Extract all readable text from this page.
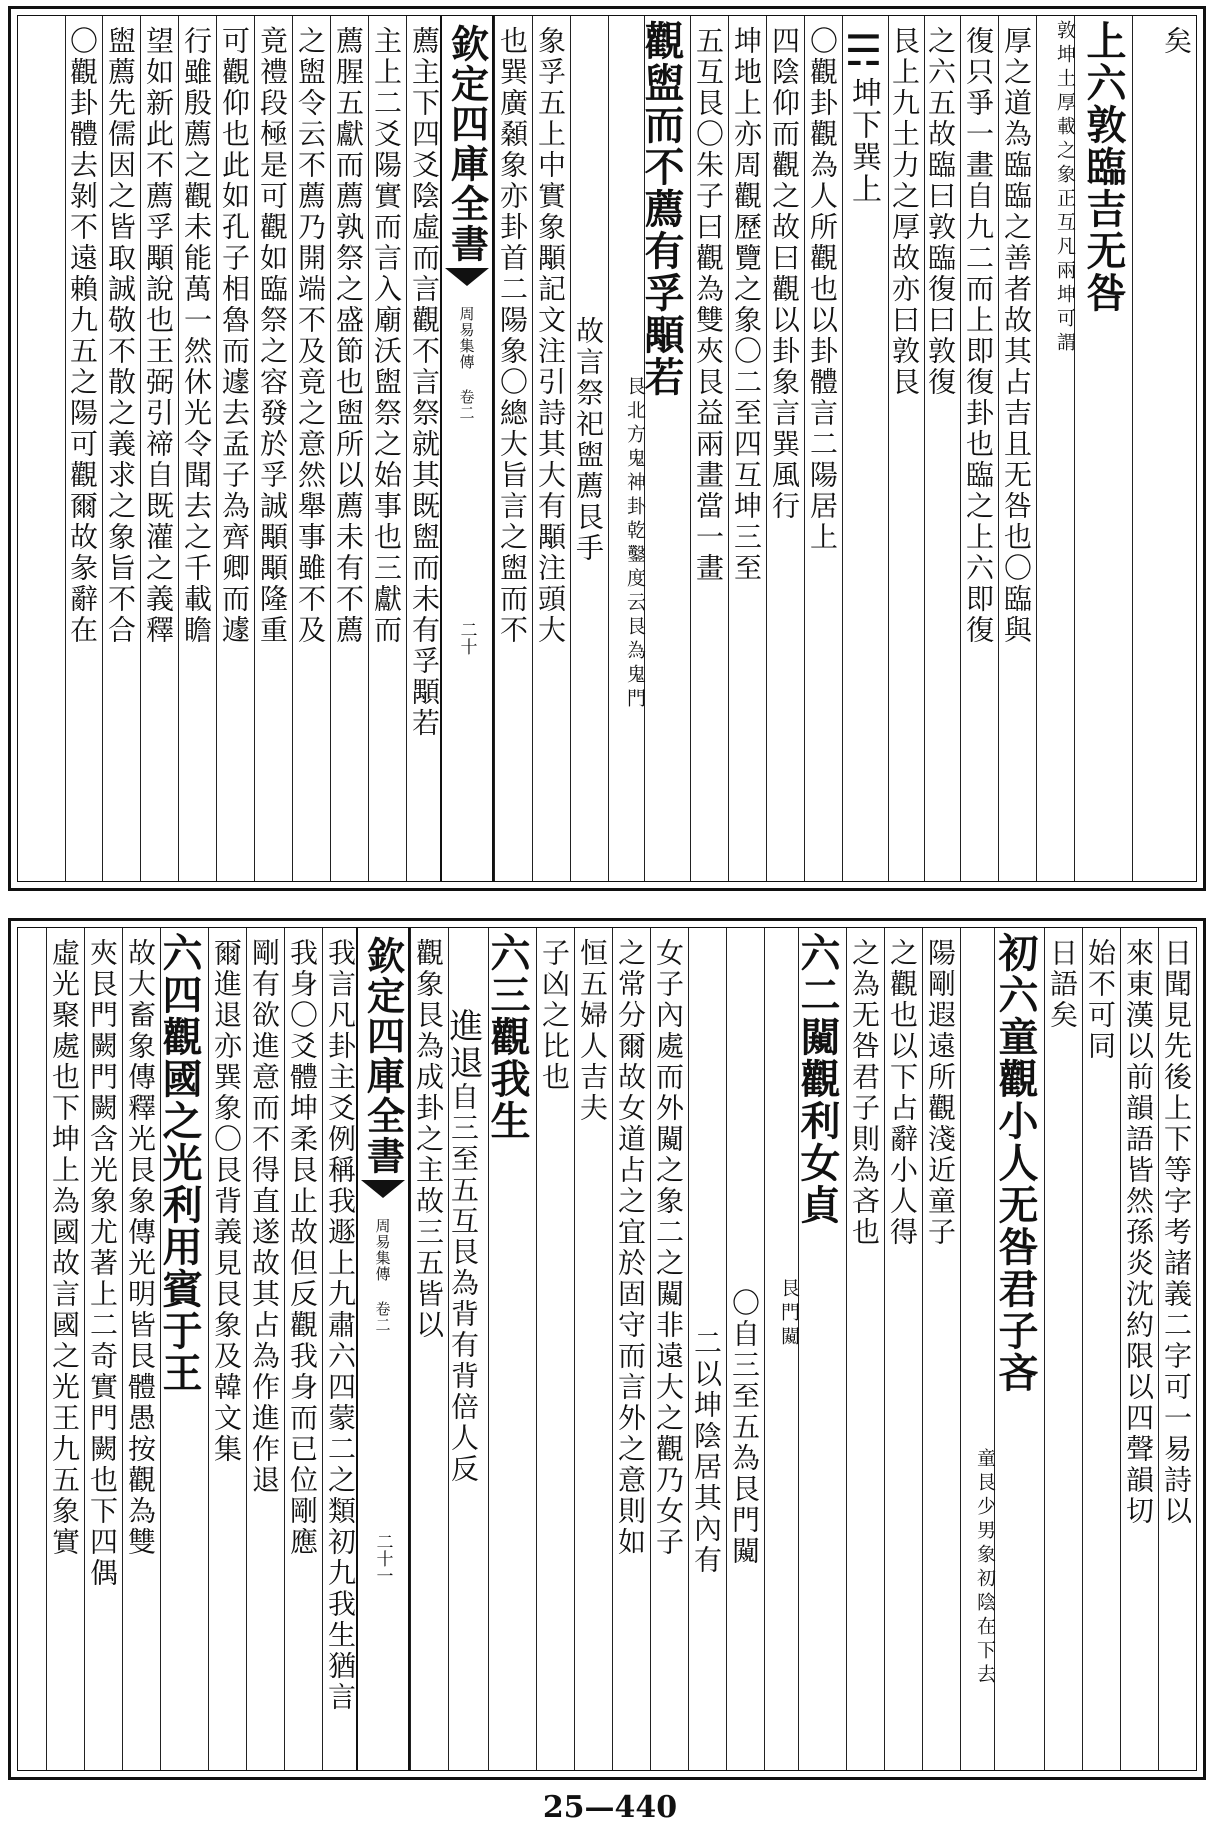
矣
上六敦臨吉无咎
敦坤土厚載之象正互凡兩坤可謂
厚之道為臨臨之善者故其占吉且无咎也〇臨與
復只爭一畫自九二而上即復卦也臨之上六即復
之六五故臨曰敦臨復曰敦復
艮上九土力之厚故亦曰敦艮
☴坤下巽上
〇觀卦觀為人所觀也以卦體言二陽居上
四陰仰而觀之故曰觀以卦象言巽風行
坤地上亦周觀歷覽之象〇二至四互坤三至
五互艮〇朱子曰觀為雙夾艮益兩畫當一畫
觀盥而不薦有孚顒若
艮北方鬼神卦乾鑿度云艮為鬼門
故言祭祀盥薦艮手
象孚五上中實象顒記文注引詩其大有顒注頭大
也巽廣顙象亦卦首二陽象〇總大旨言之盥而不
欽定四庫全書
周易集傳 卷二
二十
薦主下四爻陰虛而言觀不言祭就其既盥而未有孚顒若
主上二爻陽實而言入廟沃盥祭之始事也三獻而
薦腥五獻而薦孰祭之盛節也盥所以薦未有不薦
之盥令云不薦乃開端不及竟之意然舉事雖不及
竟禮段極是可觀如臨祭之容發於孚誠顒顒隆重
可觀仰也此如孔子相魯而遽去孟子為齊卿而遽
行雖殷薦之觀未能萬一然休光令聞去之千載瞻
望如新此不薦孚顒說也王弼引禘自既灌之義釋
盥薦先儒因之皆取誠敬不散之義求之象旨不合
〇觀卦體去剝不遠賴九五之陽可觀爾故彖辭在
日聞見先後上下等字考諸義二字可一易詩以
來東漢以前韻語皆然孫炎沈約限以四聲韻切
始不可同
日語矣
初六童觀小人无咎君子吝
童艮少男象初陰在下去
陽剛遐遠所觀淺近童子
之觀也以下占辭小人得
之為无咎君子則為吝也
六二闚觀利女貞
艮門闚
〇自三至五為艮門闚
二以坤陰居其內有
女子內處而外闚之象二之闚非遠大之觀乃女子
之常分爾故女道占之宜於固守而言外之意則如
恒五婦人吉夫
子凶之比也
六三觀我生
進退自三至五互艮為背有背倍人反
觀象艮為成卦之主故三五皆以
欽定四庫全書
周易集傳 卷二
二十一
我言凡卦主爻例稱我遯上九肅六四蒙二之類初九我生猶言
我身〇爻體坤柔艮止故但反觀我身而已位剛應
剛有欲進意而不得直遂故其占為作進作退
爾進退亦巽象〇艮背義見艮象及韓文集
六四觀國之光利用賓于王
故大畜象傳釋光艮象傳光明皆艮體愚按觀為雙
夾艮門闕門闕含光象尤著上二奇實門闕也下四偶
虛光聚處也下坤上為國故言國之光王九五象實
25—440
